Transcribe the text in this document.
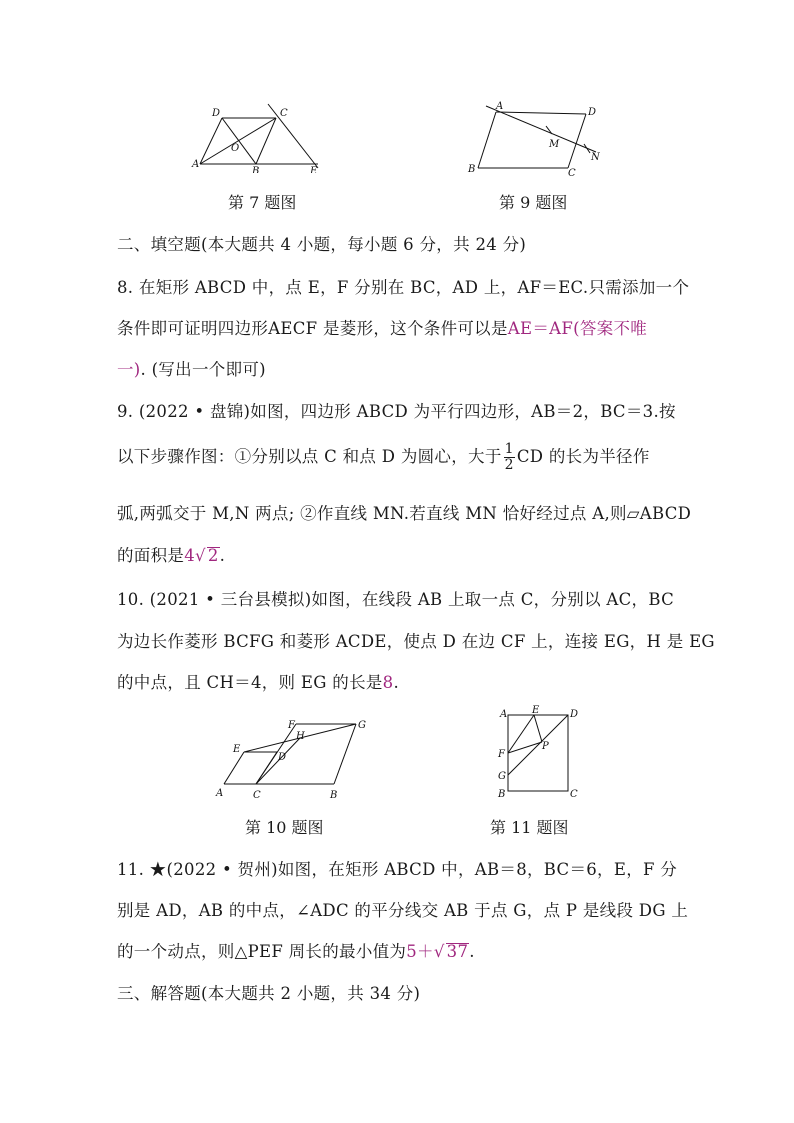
D	C
O
A
B	E
第 7 题图
A
D
M
N
B	C
第 9 题图
二、填空题(本大题共 4 小题，每小题 6 分，共 24 分)
8. 在矩形 ABCD 中，点 E，F 分别在 BC，AD 上，AF＝EC.只需添加一个
条件即可证明四边形AECF 是菱形，这个条件可以是AE＝AF(答案不唯
一). (写出一个即可)
9. (2022 • 盘锦)如图，四边形 ABCD 为平行四边形，AB＝2，BC＝3.按
以下步骤作图：①分别以点 C 和点 D 为圆心，大于 $\frac{1}{2}$ CD 的长为半径作
弧,两弧交于 M,N 两点; ②作直线 MN.若直线 MN 恰好经过点 A,则▱ABCD
的面积是4√ 2.
10. (2021 • 三台县模拟)如图，在线段 AB 上取一点 C，分别以 AC，BC
为边长作菱形 BCFG 和菱形 ACDE，使点 D 在边 CF 上，连接 EG，H 是 EG
的中点，且 CH＝4，则 EG 的长是8.
F	G
H
E
D
A	C	B
第 10 题图
A E	D
P
F
G
B	C
第 11 题图
11. ★(2022 • 贺州)如图，在矩形 ABCD 中，AB＝8，BC＝6，E，F 分
别是 AD，AB 的中点，∠ADC 的平分线交 AB 于点 G，点 P 是线段 DG 上
的一个动点，则△PEF 周长的最小值为5＋√ 37.
三、解答题(本大题共 2 小题，共 34 分)
